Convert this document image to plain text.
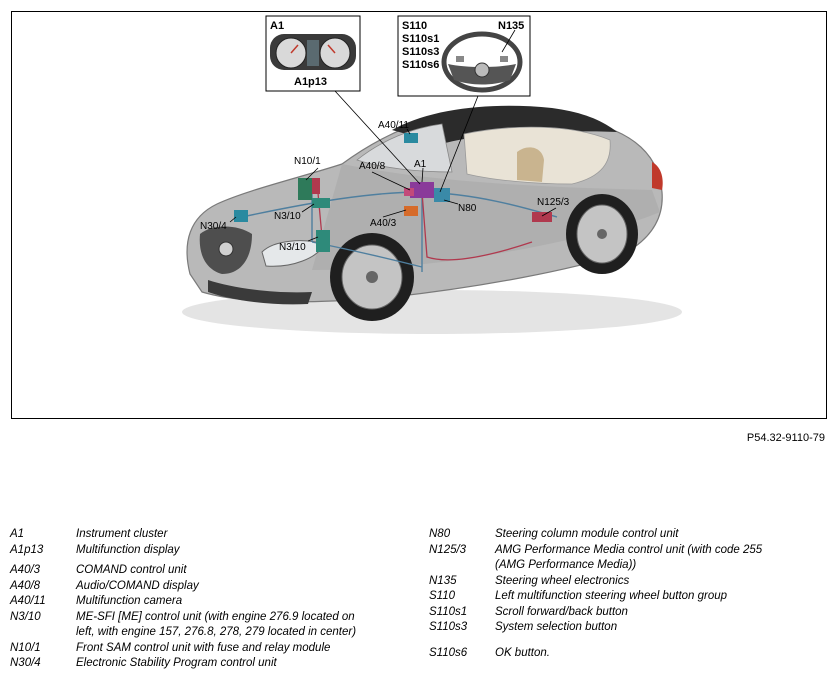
A1
A1p13
S110
S110s1
S110s3
S110s6
N135
A40/11
N10/1	A40/8	A1
N80
A40/3
N125/3
N30/4
N3/10
N3/10
P54.32-9110-79
A1	Instrument cluster
A1p13	Multifunction display
A40/3	COMAND control unit
A40/8	Audio/COMAND display
A40/11	Multifunction camera
N3/10	ME-SFI [ME] control unit (with engine 276.9 located on left, with engine 157, 276.8, 278, 279 located in center)
N10/1	Front SAM control unit with fuse and relay module
N30/4	Electronic Stability Program control unit
N80	Steering column module control unit
N125/3	AMG Performance Media control unit (with code 255 (AMG Performance Media))
N135	Steering wheel electronics
S110	Left multifunction steering wheel button group
S110s1 Scroll forward/back button
S110s3 System selection button
S110s6 OK button.
